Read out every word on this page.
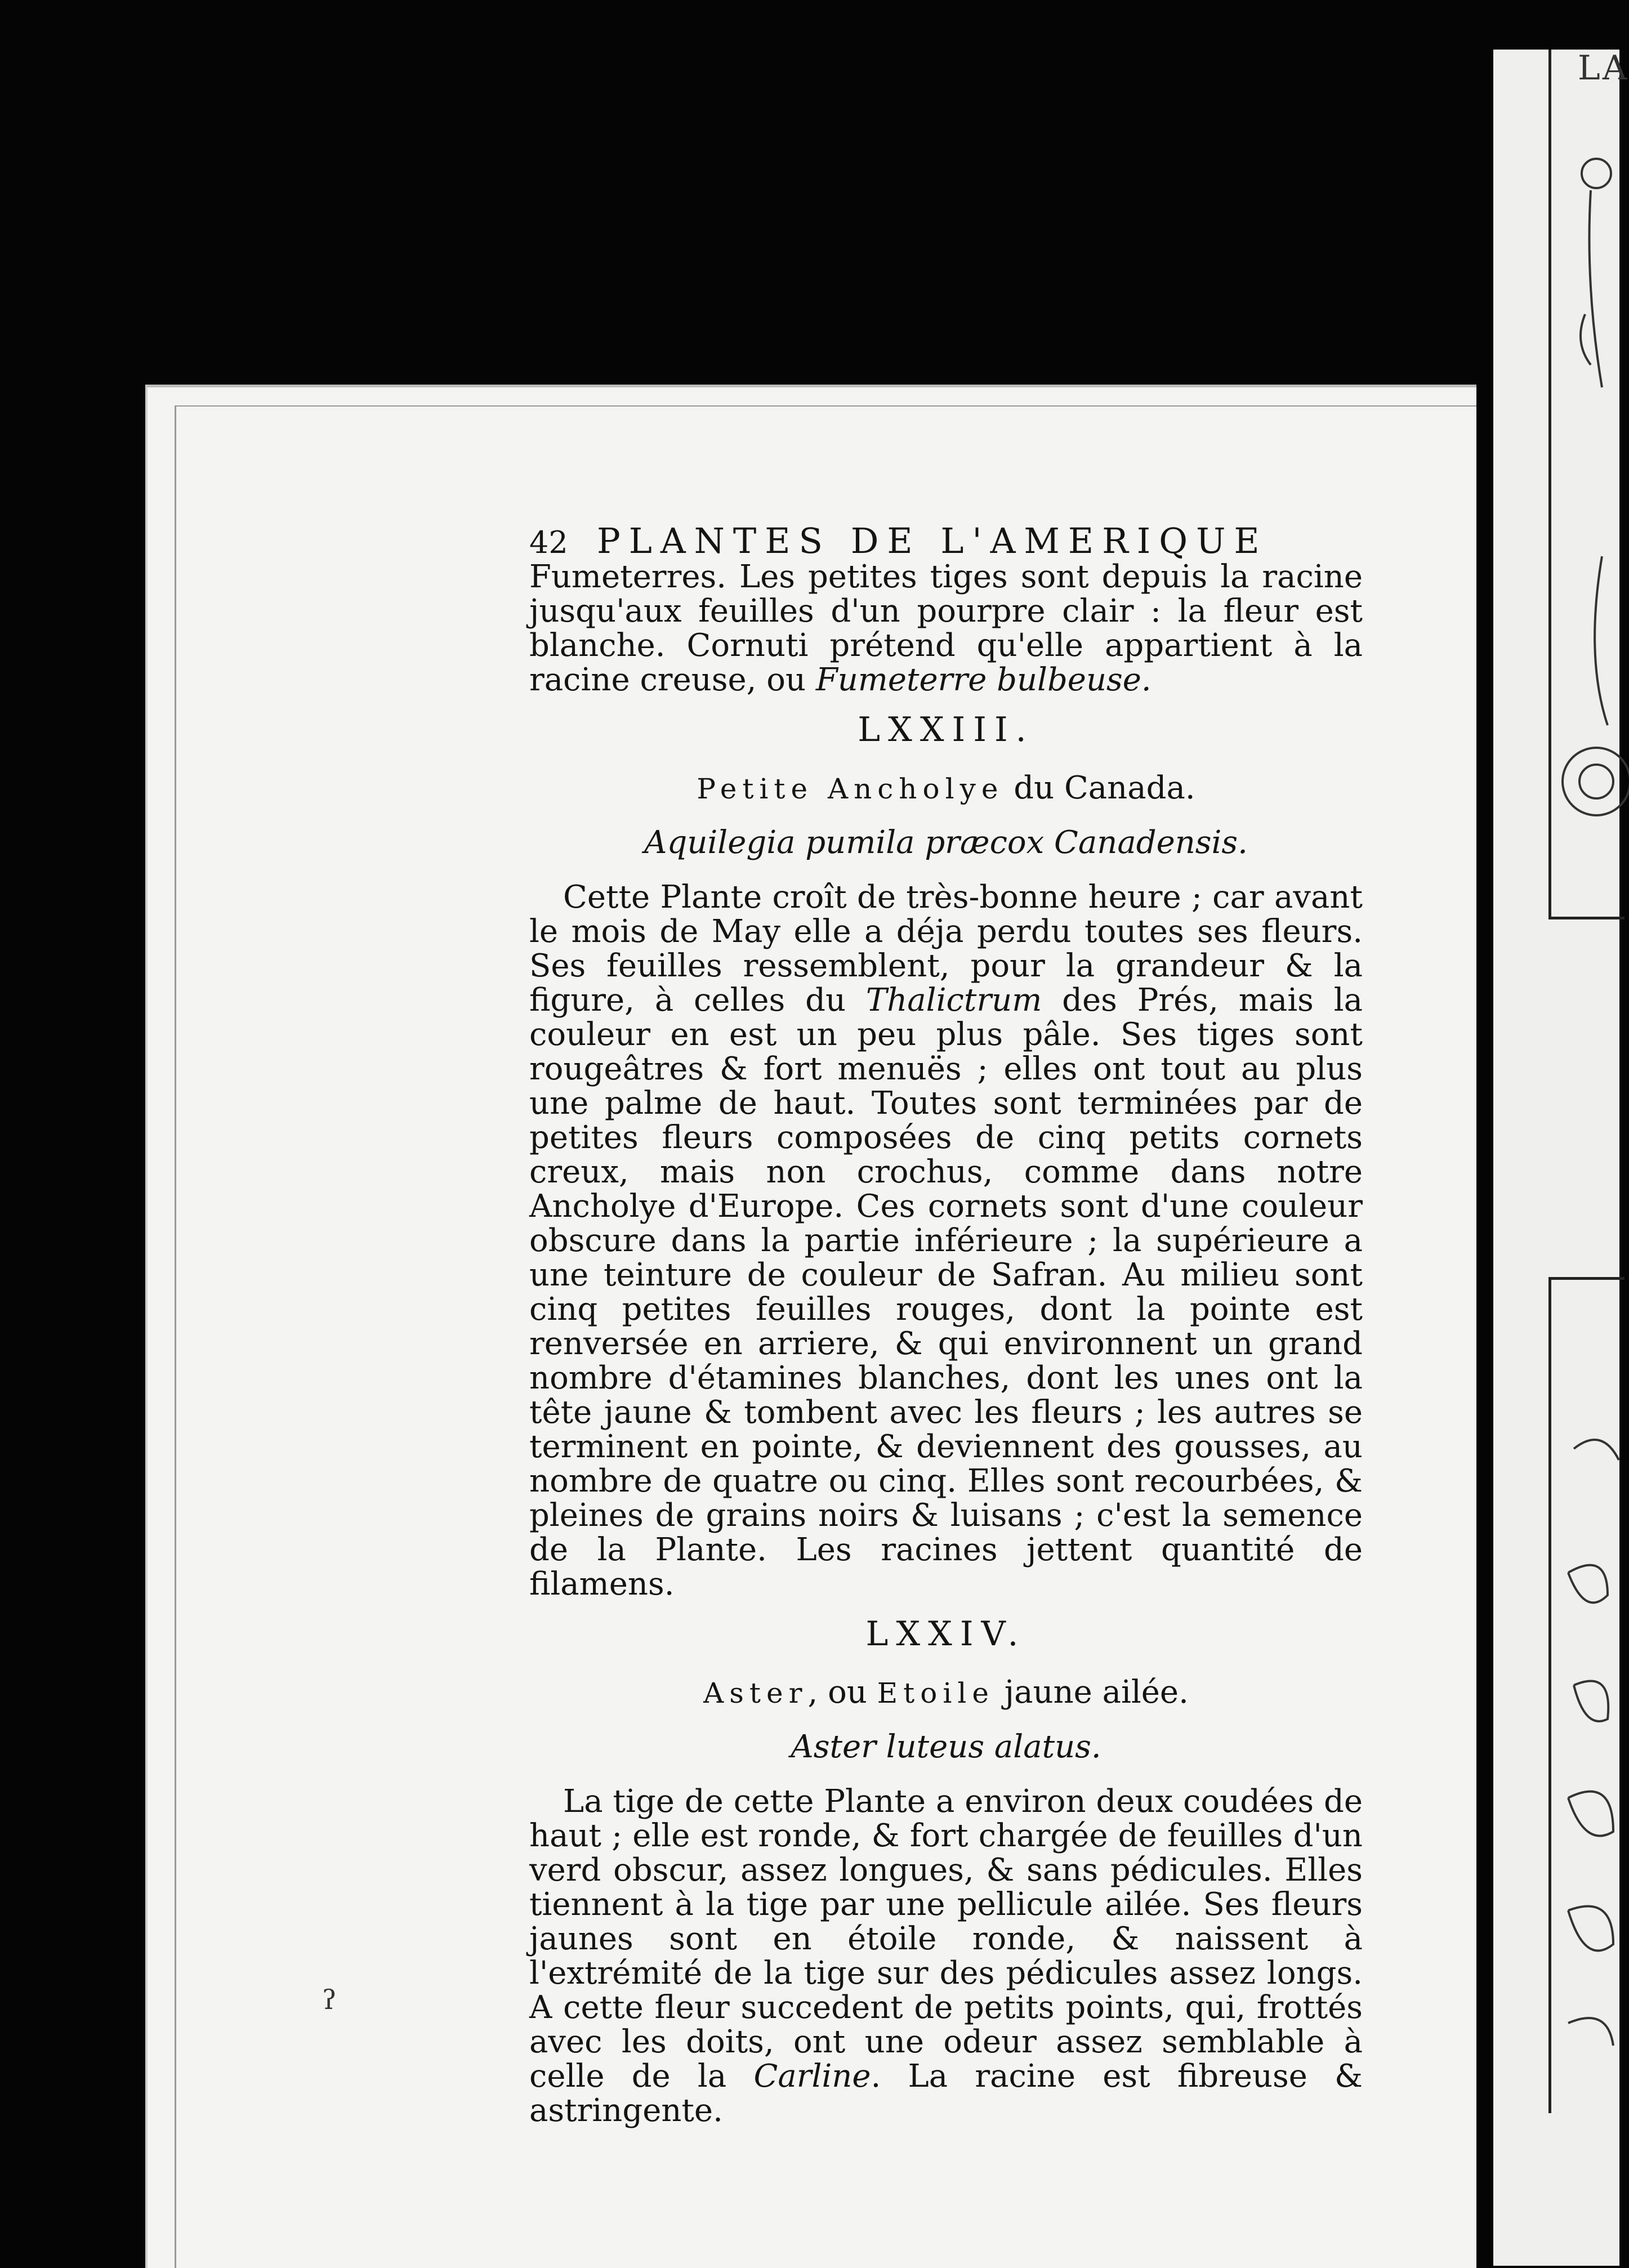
LA
42 PLANTES DE L'AMERIQUE

Fumeterres. Les petites tiges sont depuis la racine jusqu'aux feuilles d'un pourpre clair : la fleur est blanche. Cornuti prétend qu'elle appartient à la racine creuse, ou Fumeterre bulbeuse.

LXXIII.
Petite Ancholye du Canada.
Aquilegia pumila præcox Canadensis.

Cette Plante croît de très-bonne heure ; car avant le mois de May elle a déja perdu toutes ses fleurs. Ses feuilles ressemblent, pour la grandeur & la figure, à celles du Thalictrum des Prés, mais la couleur en est un peu plus pâle. Ses tiges sont rougeâtres & fort menuës ; elles ont tout au plus une palme de haut. Toutes sont terminées par de petites fleurs composées de cinq petits cornets creux, mais non crochus, comme dans notre Ancholye d'Europe. Ces cornets sont d'une couleur obscure dans la partie inférieure ; la supérieure a une teinture de couleur de Safran. Au milieu sont cinq petites feuilles rouges, dont la pointe est renversée en arriere, & qui environnent un grand nombre d'étamines blanches, dont les unes ont la tête jaune & tombent avec les fleurs ; les autres se terminent en pointe, & deviennent des gousses, au nombre de quatre ou cinq. Elles sont recourbées, & pleines de grains noirs & luisans ; c'est la semence de la Plante. Les racines jettent quantité de filamens.

LXXIV.
Aster, ou Etoile jaune ailée.
Aster luteus alatus.

La tige de cette Plante a environ deux coudées de haut ; elle est ronde, & fort chargée de feuilles d'un verd obscur, assez longues, & sans pédicules. Elles tiennent à la tige par une pellicule ailée. Ses fleurs jaunes sont en étoile ronde, & naissent à l'extrémité de la tige sur des pédicules assez longs. A cette fleur succedent de petits points, qui, frottés avec les doits, ont une odeur assez semblable à celle de la Carline. La racine est fibreuse & astringente.

ʔ
